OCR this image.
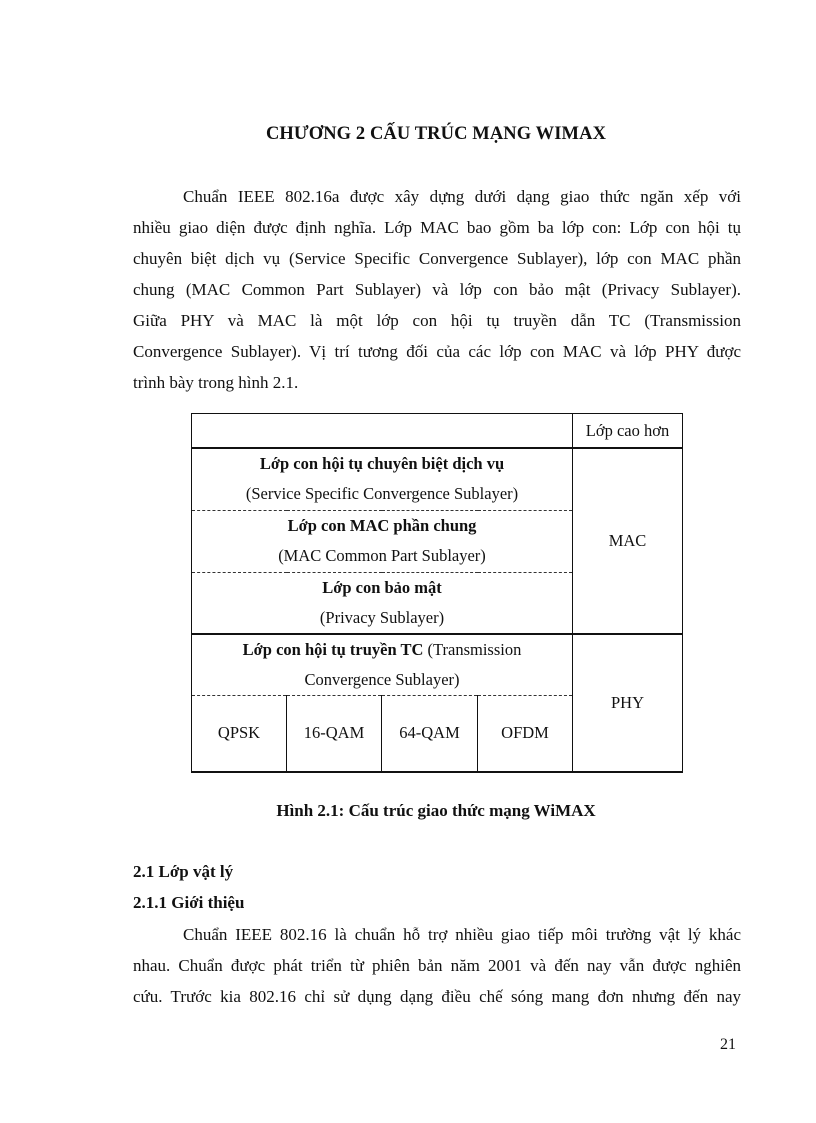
CHƯƠNG 2 CẤU TRÚC MẠNG WIMAX
Chuẩn IEEE 802.16a được xây dựng dưới dạng giao thức ngăn xếp với
nhiều giao diện được định nghĩa. Lớp MAC bao gồm ba lớp con: Lớp con hội tụ
chuyên biệt dịch vụ (Service Specific Convergence Sublayer), lớp con MAC phần
chung (MAC Common Part Sublayer) và lớp con bảo mật (Privacy Sublayer).
Giữa PHY và MAC là một lớp con hội tụ truyền dẫn TC (Transmission
Convergence Sublayer). Vị trí tương đối của các lớp con MAC và lớp PHY được
trình bày trong hình 2.1.
				Lớp cao hơn

Lớp con hội tụ chuyên biệt dịch vụ
(Service Specific Convergence Sublayer)				MAC

Lớp con MAC phần chung
(MAC Common Part Sublayer)				

Lớp con bảo mật
(Privacy Sublayer)				

Lớp con hội tụ truyền TC (Transmission
Convergence Sublayer)				PHY
QPSK	16-QAM	64-QAM	OFDM	
Hình 2.1: Cấu trúc giao thức mạng WiMAX
2.1 Lớp vật lý
2.1.1 Giới thiệu
Chuẩn IEEE 802.16 là chuẩn hỗ trợ nhiều giao tiếp môi trường vật lý khác
nhau. Chuẩn được phát triển từ phiên bản năm 2001 và đến nay vẫn được nghiên
cứu. Trước kia 802.16 chỉ sử dụng dạng điều chế sóng mang đơn nhưng đến nay
21
